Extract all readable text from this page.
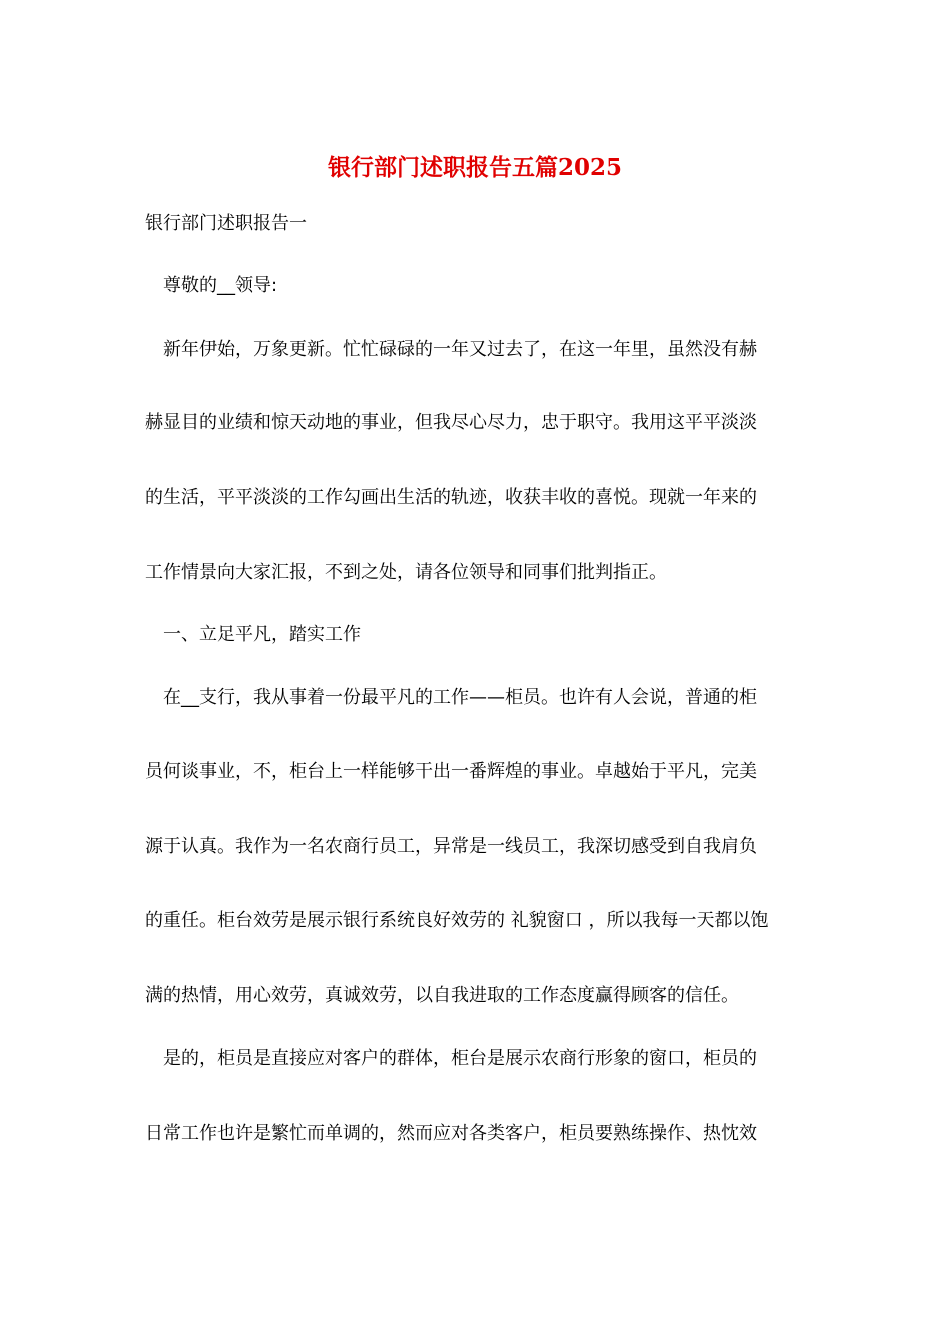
银行部门述职报告五篇2025
银行部门述职报告一
尊敬的__领导:
新年伊始，万象更新。忙忙碌碌的一年又过去了，在这一年里，虽然没有赫
赫显目的业绩和惊天动地的事业，但我尽心尽力，忠于职守。我用这平平淡淡
的生活，平平淡淡的工作勾画出生活的轨迹，收获丰收的喜悦。现就一年来的
工作情景向大家汇报，不到之处，请各位领导和同事们批判指正。
一、立足平凡，踏实工作
在__支行，我从事着一份最平凡的工作——柜员。也许有人会说，普通的柜
员何谈事业，不，柜台上一样能够干出一番辉煌的事业。卓越始于平凡，完美
源于认真。我作为一名农商行员工，异常是一线员工，我深切感受到自我肩负
的重任。柜台效劳是展示银行系统良好效劳的 礼貌窗口 ，所以我每一天都以饱
满的热情，用心效劳，真诚效劳，以自我进取的工作态度赢得顾客的信任。
是的，柜员是直接应对客户的群体，柜台是展示农商行形象的窗口，柜员的
日常工作也许是繁忙而单调的，然而应对各类客户，柜员要熟练操作、热忱效
